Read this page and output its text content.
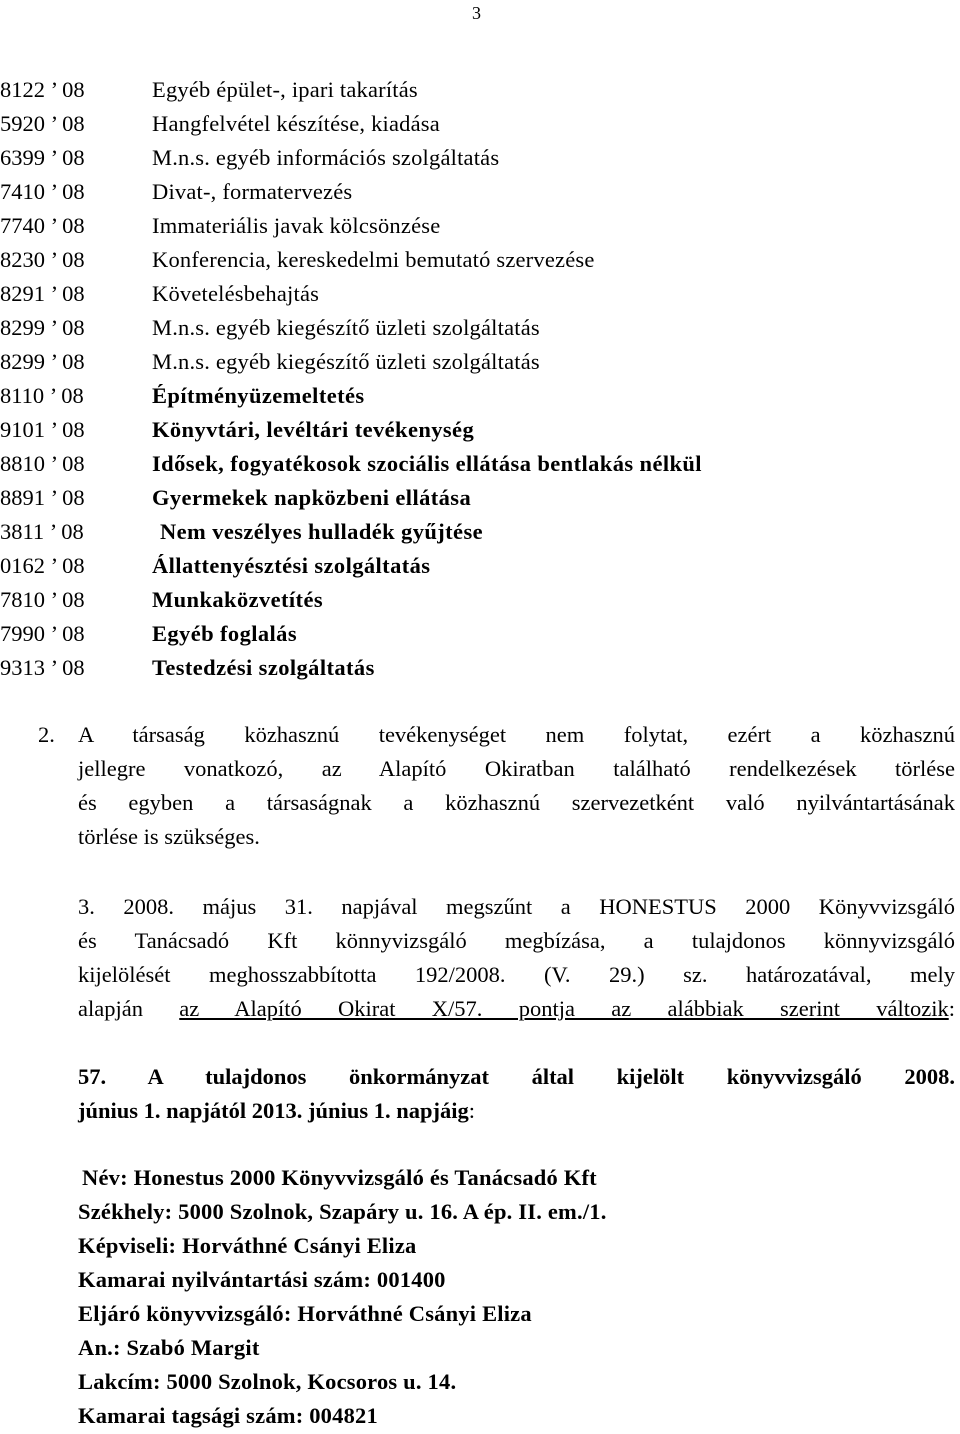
3
8122 ’ 08	Egyéb épület-, ipari takarítás
5920 ’ 08	Hangfelvétel készítése, kiadása
6399 ’ 08	M.n.s. egyéb információs szolgáltatás
7410 ’ 08	Divat-, formatervezés
7740 ’ 08	Immateriális javak kölcsönzése
8230 ’ 08	Konferencia, kereskedelmi bemutató szervezése
8291 ’ 08	Követelésbehajtás
8299 ’ 08	M.n.s. egyéb kiegészítő üzleti szolgáltatás
8299 ’ 08	M.n.s. egyéb kiegészítő üzleti szolgáltatás
8110 ’ 08	Építményüzemeltetés
9101 ’ 08	Könyvtári, levéltári tevékenység
8810 ’ 08	Idősek, fogyatékosok szociális ellátása bentlakás nélkül
8891 ’ 08	Gyermekek napközbeni ellátása
3811 ’ 08	Nem veszélyes hulladék gyűjtése
0162 ’ 08	Állattenyésztési szolgáltatás
7810 ’ 08	Munkaközvetítés
7990 ’ 08	Egyéb foglalás
9313 ’ 08	Testedzési szolgáltatás
2.	A társaság közhasznú tevékenységet nem folytat, ezért a közhasznú
jellegre vonatkozó, az Alapító Okiratban található rendelkezések törlése
és egyben a társaságnak a közhasznú szervezetként való nyilvántartásának
törlése is szükséges.
3. 2008. május 31. napjával megszűnt a HONESTUS 2000 Könyvvizsgáló
és Tanácsadó Kft könnyvizsgáló megbízása, a tulajdonos könnyvizsgáló
kijelölését meghosszabbította 192/2008. (V. 29.) sz. határozatával, mely
alapján az Alapító Okirat X/57. pontja az alábbiak szerint változik:
57. A tulajdonos önkormányzat által kijelölt könyvvizsgáló 2008.
június 1. napjától 2013. június 1. napjáig:
Név: Honestus 2000 Könyvvizsgáló és Tanácsadó Kft
Székhely: 5000 Szolnok, Szapáry u. 16. A ép. II. em./1.
Képviseli: Horváthné Csányi Eliza
Kamarai nyilvántartási szám: 001400
Eljáró könyvvizsgáló: Horváthné Csányi Eliza
An.: Szabó Margit
Lakcím: 5000 Szolnok, Kocsoros u. 14.
Kamarai tagsági szám: 004821
